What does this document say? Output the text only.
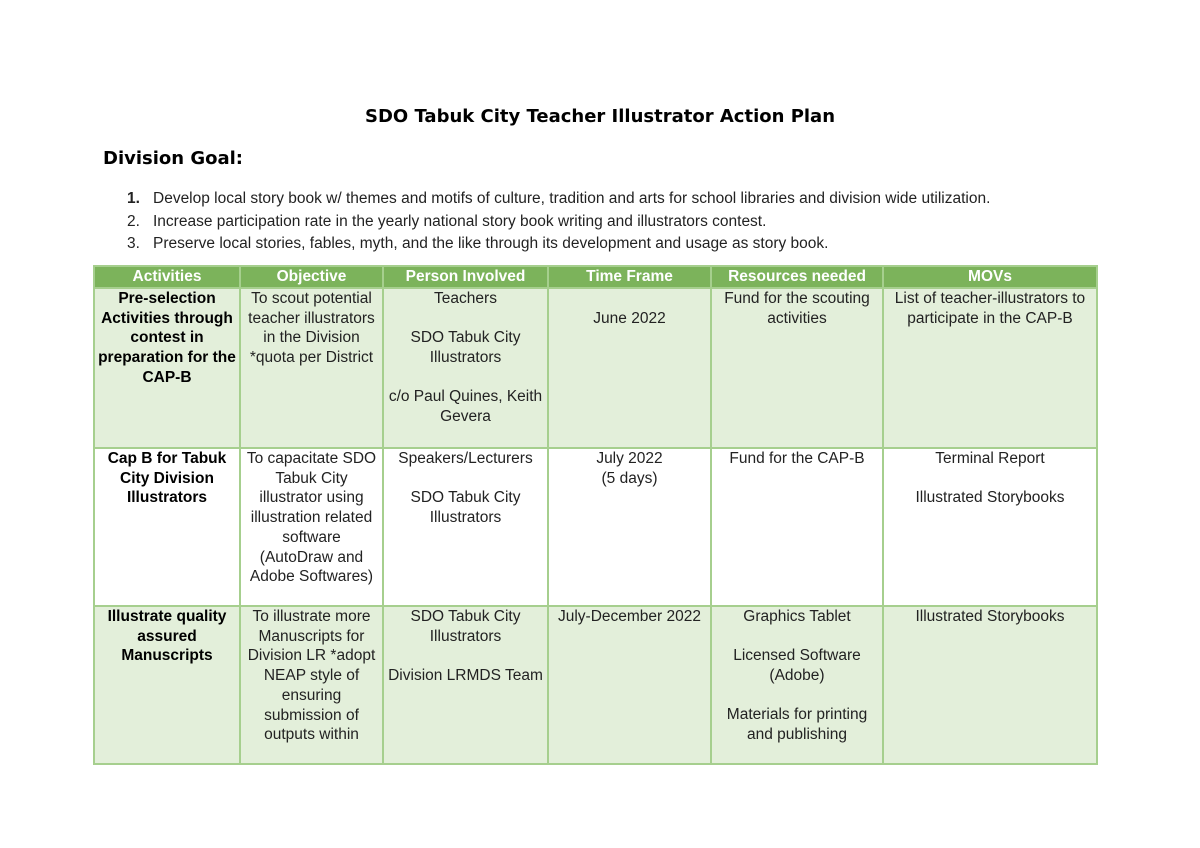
SDO Tabuk City Teacher Illustrator Action Plan
Division Goal:
1. Develop local story book w/ themes and motifs of culture, tradition and arts for school libraries and division wide utilization.
2. Increase participation rate in the yearly national story book writing and illustrators contest.
3. Preserve local stories, fables, myth, and the like through its development and usage as story book.
Activities	Objective	Person Involved	Time Frame	Resources needed	MOVs
Pre-selection Activities through contest in preparation for the CAP-B	To scout potential teacher illustrators in the Division *quota per District	Teachers
SDO Tabuk City Illustrators
c/o Paul Quines, Keith Gevera	June 2022	Fund for the scouting activities	List of teacher-illustrators to participate in the CAP-B

Cap B for Tabuk City Division Illustrators	To capacitate SDO Tabuk City illustrator using illustration related software (AutoDraw and Adobe Softwares)	Speakers/Lecturers
SDO Tabuk City Illustrators	July 2022
(5 days)	Fund for the CAP-B	Terminal Report
Illustrated Storybooks

Illustrate quality assured Manuscripts	To illustrate more Manuscripts for Division LR *adopt NEAP style of ensuring submission of outputs within	SDO Tabuk City Illustrators
Division LRMDS Team	July-December 2022	Graphics Tablet
Licensed Software (Adobe)
Materials for printing and publishing	Illustrated Storybooks
